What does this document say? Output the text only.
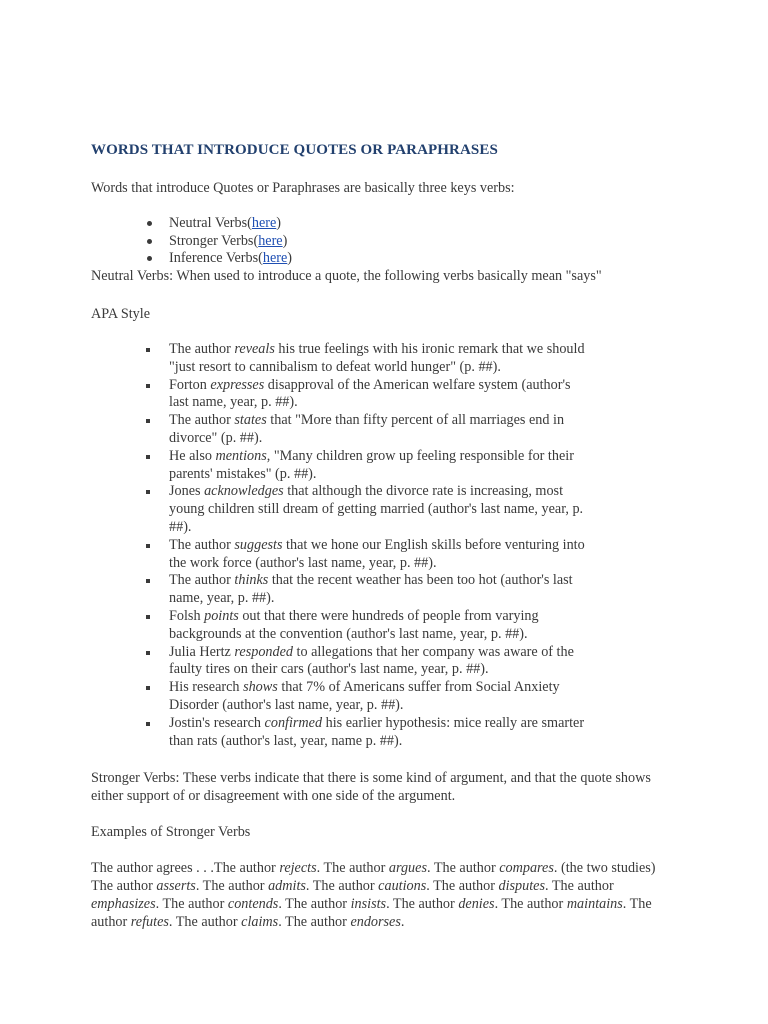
WORDS THAT INTRODUCE QUOTES OR PARAPHRASES
Words that introduce Quotes or Paraphrases are basically three keys verbs:
Neutral Verbs(here)
Stronger Verbs(here)
Inference Verbs(here)
Neutral Verbs: When used to introduce a quote, the following verbs basically mean "says"
APA Style
The author reveals his true feelings with his ironic remark that we should "just resort to cannibalism to defeat world hunger" (p. ##).
Forton expresses disapproval of the American welfare system (author's last name, year, p. ##).
The author states that "More than fifty percent of all marriages end in divorce" (p. ##).
He also mentions, "Many children grow up feeling responsible for their parents' mistakes" (p. ##).
Jones acknowledges that although the divorce rate is increasing, most young children still dream of getting married (author's last name, year, p. ##).
The author suggests that we hone our English skills before venturing into the work force (author's last name, year, p. ##).
The author thinks that the recent weather has been too hot (author's last name, year, p. ##).
Folsh points out that there were hundreds of people from varying backgrounds at the convention (author's last name, year, p. ##).
Julia Hertz responded to allegations that her company was aware of the faulty tires on their cars (author's last name, year, p. ##).
His research shows that 7% of Americans suffer from Social Anxiety Disorder (author's last name, year, p. ##).
Jostin's research confirmed his earlier hypothesis: mice really are smarter than rats (author's last, year, name p. ##).
Stronger Verbs: These verbs indicate that there is some kind of argument, and that the quote shows either support of or disagreement with one side of the argument.
Examples of Stronger Verbs
The author agrees . . .The author rejects. The author argues. The author compares. (the two studies) The author asserts. The author admits. The author cautions. The author disputes. The author emphasizes. The author contends. The author insists. The author denies. The author maintains. The author refutes. The author claims. The author endorses.
